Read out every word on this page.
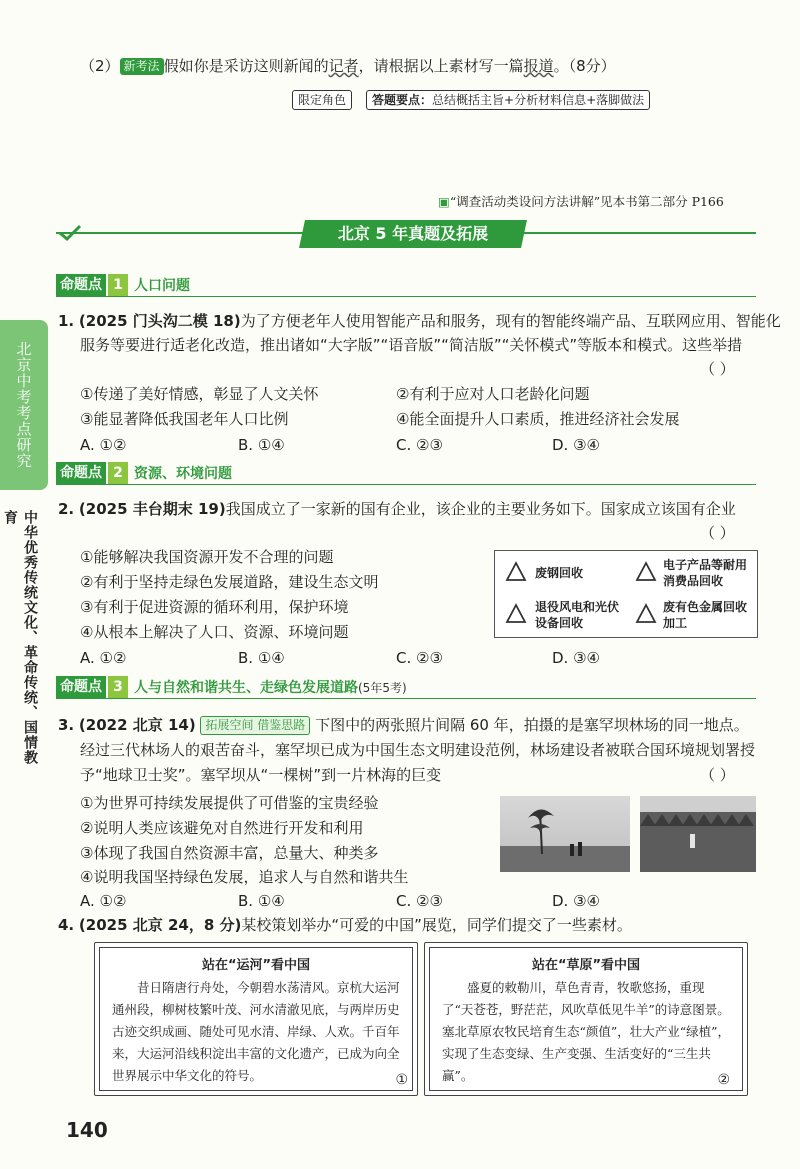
（2） 新考法 假如你是采访这则新闻的记者，请根据以上素材写一篇报道。（8分）
限定角色	答题要点：总结概括主旨+分析材料信息+落脚做法
▣“调查活动类设问方法讲解”见本书第二部分 P166
北京 5 年真题及拓展
北京中考考点研究
中华优秀传统文化、革命传统、国情教育
命题点 1 人口问题
1. (2025 门头沟二模 18)为了方便老年人使用智能产品和服务，现有的智能终端产品、互联网应用、智能化
服务等要进行适老化改造，推出诸如“大字版”“语音版”“简洁版”“关怀模式”等版本和模式。这些举措
（ ）
①传递了美好情感，彰显了人文关怀	②有利于应对人口老龄化问题
③能显著降低我国老年人口比例	④能全面提升人口素质，推进经济社会发展
A. ①②	B. ①④	C. ②③	D. ③④
命题点 2 资源、环境问题
2. (2025 丰台期末 19)我国成立了一家新的国有企业，该企业的主要业务如下。国家成立该国有企业
（ ）
①能够解决我国资源开发不合理的问题
②有利于坚持走绿色发展道路，建设生态文明
③有利于促进资源的循环利用，保护环境
④从根本上解决了人口、资源、环境问题
A. ①②	B. ①④	C. ②③	D. ③④
废钢回收
电子产品等耐用消费品回收
退役风电和光伏设备回收
废有色金属回收加工
命题点 3 人与自然和谐共生、走绿色发展道路 (5年5考)
3. (2022 北京 14) 拓展空间 借鉴思路 下图中的两张照片间隔 60 年，拍摄的是塞罕坝林场的同一地点。
经过三代林场人的艰苦奋斗，塞罕坝已成为中国生态文明建设范例，林场建设者被联合国环境规划署授
予“地球卫士奖”。塞罕坝从“一棵树”到一片林海的巨变	（ ）
①为世界可持续发展提供了可借鉴的宝贵经验
②说明人类应该避免对自然进行开发和利用
③体现了我国自然资源丰富，总量大、种类多
④说明我国坚持绿色发展，追求人与自然和谐共生
A. ①②	B. ①④	C. ②③	D. ③④
4. (2025 北京 24，8 分)某校策划举办“可爱的中国”展览，同学们提交了一些素材。
站在“运河”看中国
昔日隋唐行舟处，今朝碧水荡清风。京杭大运河通州段，柳树枝繁叶茂、河水清澈见底，与两岸历史古迹交织成画、随处可见水清、岸绿、人欢。千百年来，大运河沿线积淀出丰富的文化遗产，已成为向全世界展示中华文化的符号。	①
站在“草原”看中国
盛夏的敕勒川，草色青青，牧歌悠扬，重现了“天苍苍，野茫茫，风吹草低见牛羊”的诗意图景。塞北草原农牧民培育生态“颜值”，壮大产业“绿植”，实现了生态变绿、生产变强、生活变好的“三生共赢”。	②
140
